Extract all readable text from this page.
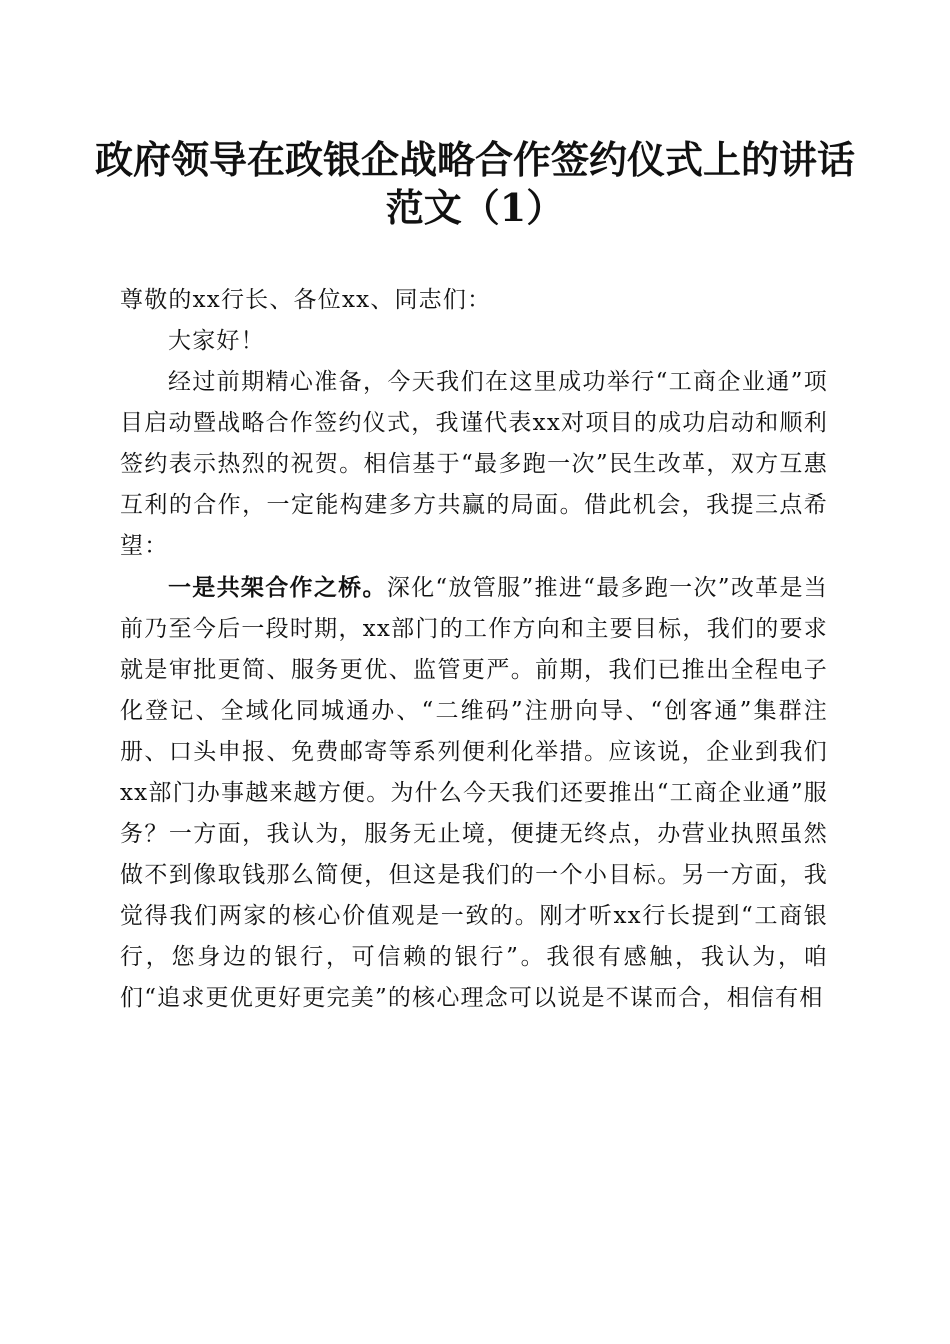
政府领导在政银企战略合作签约仪式上的讲话
范文（1）

尊敬的xx行长、各位xx、同志们：

大家好！

经过前期精心准备，今天我们在这里成功举行“工商企业通”项目启动暨战略合作签约仪式，我谨代表xx对项目的成功启动和顺利签约表示热烈的祝贺。相信基于“最多跑一次”民生改革，双方互惠互利的合作，一定能构建多方共赢的局面。借此机会，我提三点希望：

一是共架合作之桥。深化“放管服”推进“最多跑一次”改革是当前乃至今后一段时期，xx部门的工作方向和主要目标，我们的要求就是审批更简、服务更优、监管更严。前期，我们已推出全程电子化登记、全域化同城通办、“二维码”注册向导、“创客通”集群注册、口头申报、免费邮寄等系列便利化举措。应该说，企业到我们xx部门办事越来越方便。为什么今天我们还要推出“工商企业通”服务？一方面，我认为，服务无止境，便捷无终点，办营业执照虽然做不到像取钱那么简便，但这是我们的一个小目标。另一方面，我觉得我们两家的核心价值观是一致的。刚才听xx行长提到“工商银行，您身边的银行，可信赖的银行”。我很有感触，我认为，咱们“追求更优更好更完美”的核心理念可以说是不谋而合，相信有相
